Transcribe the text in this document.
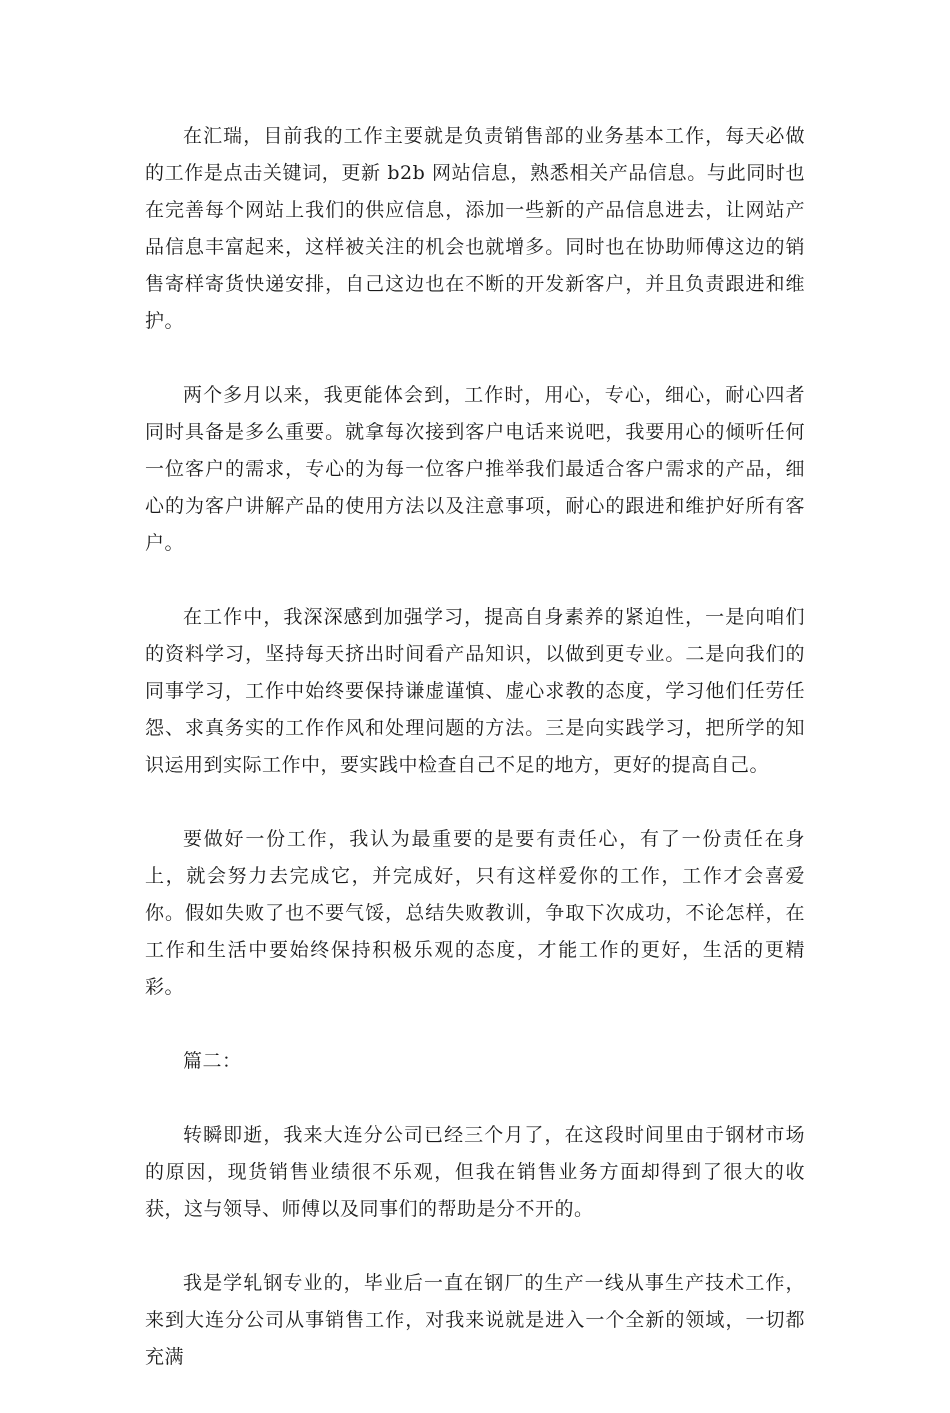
在汇瑞，目前我的工作主要就是负责销售部的业务基本工作，每天必做的工作是点击关键词，更新 b2b 网站信息，熟悉相关产品信息。与此同时也在完善每个网站上我们的供应信息，添加一些新的产品信息进去，让网站产品信息丰富起来，这样被关注的机会也就增多。同时也在协助师傅这边的销售寄样寄货快递安排，自己这边也在不断的开发新客户，并且负责跟进和维护。

两个多月以来，我更能体会到，工作时，用心，专心，细心，耐心四者同时具备是多么重要。就拿每次接到客户电话来说吧，我要用心的倾听任何一位客户的需求，专心的为每一位客户推举我们最适合客户需求的产品，细心的为客户讲解产品的使用方法以及注意事项，耐心的跟进和维护好所有客户。

在工作中，我深深感到加强学习，提高自身素养的紧迫性，一是向咱们的资料学习，坚持每天挤出时间看产品知识，以做到更专业。二是向我们的同事学习，工作中始终要保持谦虚谨慎、虚心求教的态度，学习他们任劳任怨、求真务实的工作作风和处理问题的方法。三是向实践学习，把所学的知识运用到实际工作中，要实践中检查自己不足的地方，更好的提高自己。

要做好一份工作，我认为最重要的是要有责任心，有了一份责任在身上，就会努力去完成它，并完成好，只有这样爱你的工作，工作才会喜爱你。假如失败了也不要气馁，总结失败教训，争取下次成功，不论怎样，在工作和生活中要始终保持积极乐观的态度，才能工作的更好，生活的更精彩。

篇二：

转瞬即逝，我来大连分公司已经三个月了，在这段时间里由于钢材市场的原因，现货销售业绩很不乐观，但我在销售业务方面却得到了很大的收获，这与领导、师傅以及同事们的帮助是分不开的。

我是学轧钢专业的，毕业后一直在钢厂的生产一线从事生产技术工作，来到大连分公司从事销售工作，对我来说就是进入一个全新的领域，一切都充满
